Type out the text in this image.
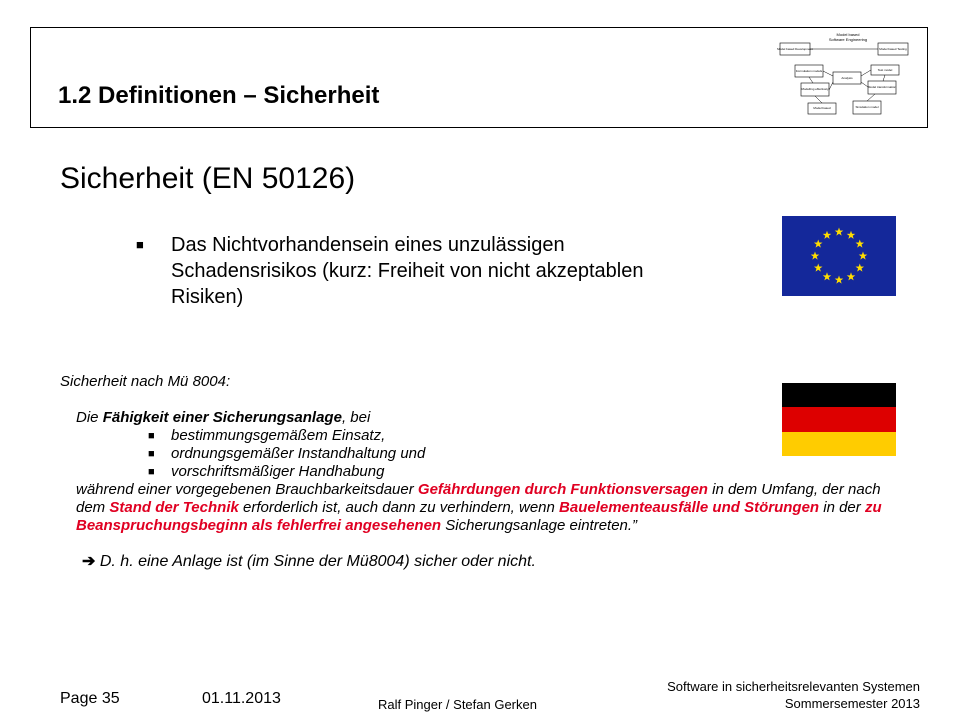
1.2 Definitionen – Sicherheit
Model based
Software Engineering
Model based Development	Model based Testing
Formulation models	Test model
Analysis
Modelling effectively	Model transformation
Model based	Simulation model
Sicherheit (EN 50126)
■ Das Nichtvorhandensein eines unzulässigen Schadensrisikos (kurz: Freiheit von nicht akzeptablen Risiken)
Sicherheit nach Mü 8004:
Die Fähigkeit einer Sicherungsanlage, bei
■ bestimmungsgemäßem Einsatz,
■ ordnungsgemäßer Instandhaltung und
■ vorschriftsmäßiger Handhabung
während einer vorgegebenen Brauchbarkeitsdauer Gefährdungen durch Funktionsversagen in dem Umfang, der nach dem Stand der Technik erforderlich ist, auch dann zu verhindern, wenn Bauelementeausfälle und Störungen in der zu Beanspruchungsbeginn als fehlerfrei angesehenen Sicherungsanlage eintreten.”
➔ D. h. eine Anlage ist (im Sinne der Mü8004) sicher oder nicht.
Page 35	01.11.2013	Ralf Pinger / Stefan Gerken
Software in sicherheitsrelevanten Systemen
Sommersemester 2013
